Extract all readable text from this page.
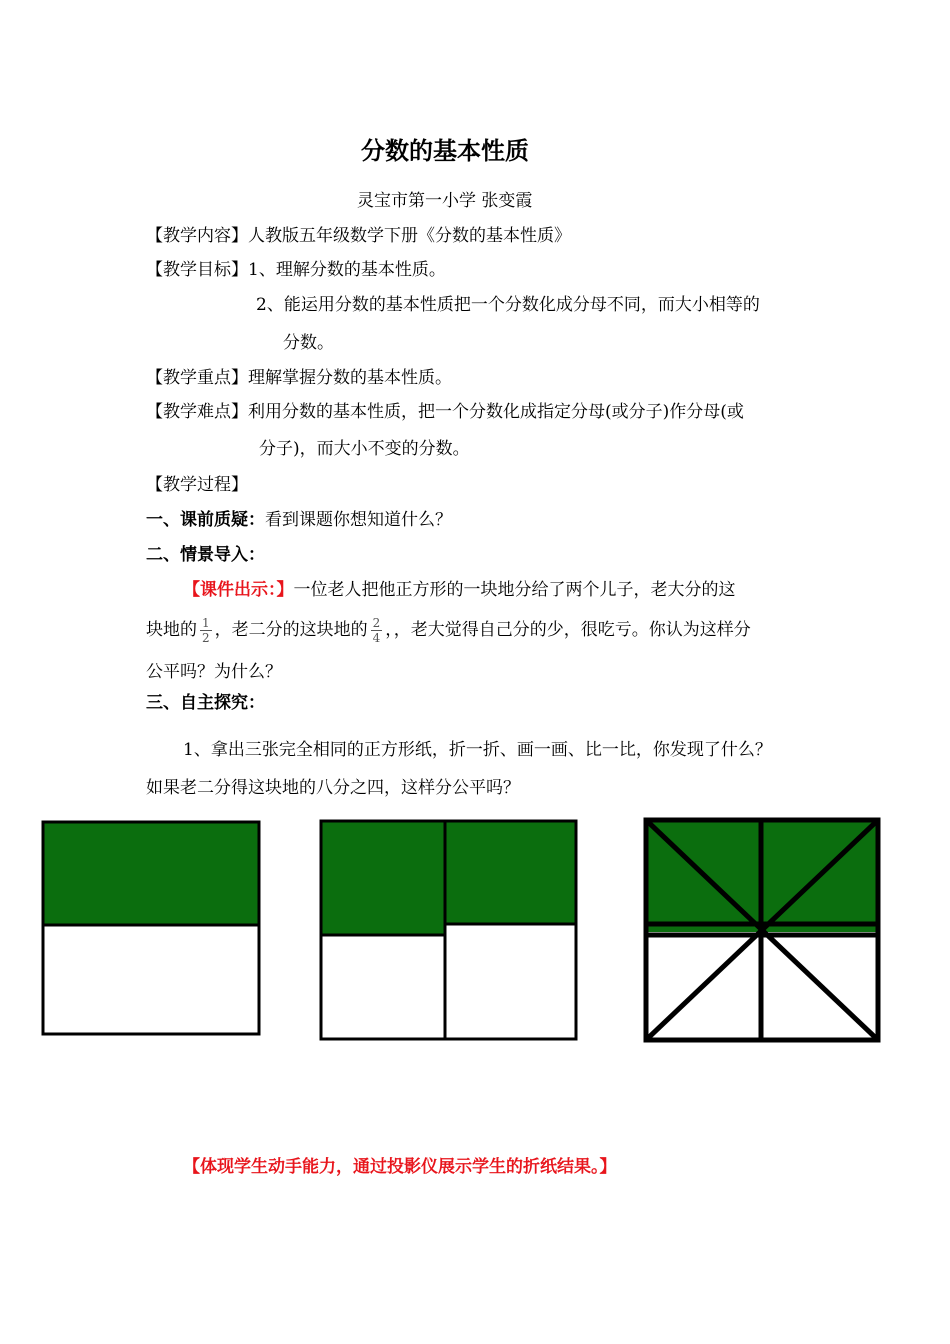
分数的基本性质
灵宝市第一小学 张变霞
【教学内容】人教版五年级数学下册《分数的基本性质》
【教学目标】1、理解分数的基本性质。
2、能运用分数的基本性质把一个分数化成分母不同，而大小相等的
分数。
【教学重点】理解掌握分数的基本性质。
【教学难点】利用分数的基本性质，把一个分数化成指定分母(或分子)作分母(或
分子)，而大小不变的分数。
【教学过程】
一、课前质疑：看到课题你想知道什么？
二、情景导入：
【课件出示：】一位老人把他正方形的一块地分给了两个儿子，老大分的这
块地的 $\frac{1}{2}$ ，老二分的这块地的 $\frac{2}{4}$ ，，老大觉得自己分的少，很吃亏。你认为这样分
公平吗？为什么？
三、自主探究：
1、拿出三张完全相同的正方形纸，折一折、画一画、比一比，你发现了什么？
如果老二分得这块地的八分之四，这样分公平吗？
【体现学生动手能力，通过投影仪展示学生的折纸结果。】
